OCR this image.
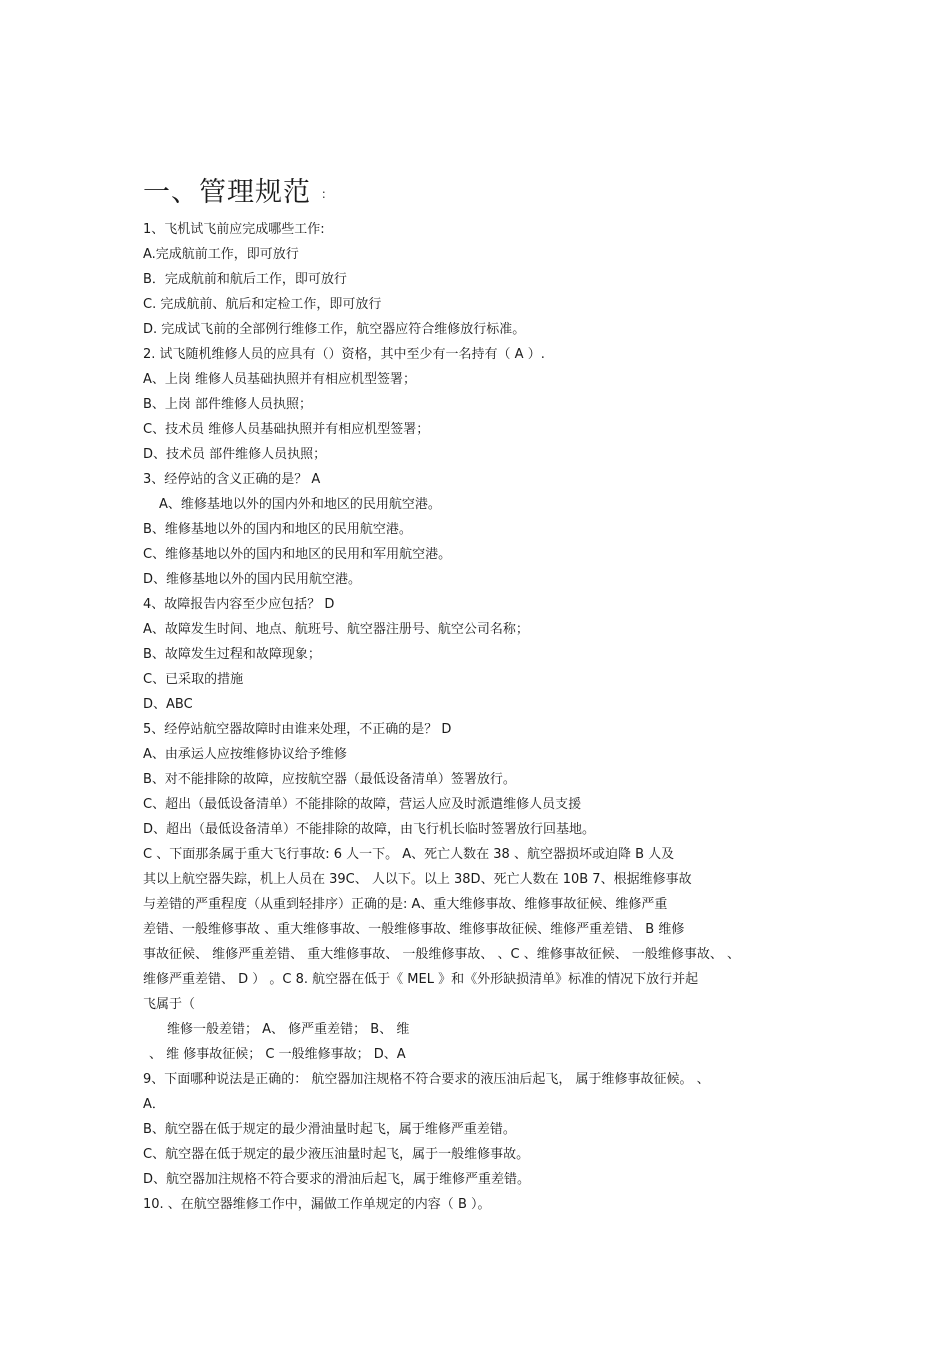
一、管理规范 ：
1、飞机试飞前应完成哪些工作:
A.完成航前工作，即可放行
B．完成航前和航后工作，即可放行
C. 完成航前、航后和定检工作，即可放行
D. 完成试飞前的全部例行维修工作，航空器应符合维修放行标准。
2. 试飞随机维修人员的应具有（）资格，其中至少有一名持有（ A ）.
A、上岗 维修人员基础执照并有相应机型签署；
B、上岗 部件维修人员执照；
C、技术员 维修人员基础执照并有相应机型签署；
D、技术员 部件维修人员执照；
3、经停站的含义正确的是？ A
A、维修基地以外的国内外和地区的民用航空港。
B、维修基地以外的国内和地区的民用航空港。
C、维修基地以外的国内和地区的民用和军用航空港。
D、维修基地以外的国内民用航空港。
4、故障报告内容至少应包括？ D
A、故障发生时间、地点、航班号、航空器注册号、航空公司名称；
B、故障发生过程和故障现象；
C、已采取的措施
D、ABC
5、经停站航空器故障时由谁来处理，不正确的是？ D
A、由承运人应按维修协议给予维修
B、对不能排除的故障，应按航空器（最低设备清单）签署放行。
C、超出（最低设备清单）不能排除的故障，营运人应及时派遣维修人员支援
D、超出（最低设备清单）不能排除的故障，由飞行机长临时签署放行回基地。
C 、下面那条属于重大飞行事故: 6 人一下。 A、死亡人数在 38 、航空器损坏或迫降 B 人及
其以上航空器失踪，机上人员在 39C、 人以下。以上 38D、死亡人数在 10B 7、根据维修事故
与差错的严重程度（从重到轻排序）正确的是: A、重大维修事故、维修事故征候、维修严重
差错、一般维修事故 、重大维修事故、一般维修事故、维修事故征候、维修严重差错、 B 维修
事故征候、 维修严重差错、 重大维修事故、 一般维修事故、 、C 、维修事故征候、 一般维修事故、 、
维修严重差错、 D ） 。C 8. 航空器在低于《 MEL 》和《外形缺损清单》标准的情况下放行并起
飞属于（
维修一般差错； A、 修严重差错； B、 维
、 维 修事故征候； C 一般维修事故； D、A
9、下面哪种说法是正确的： 航空器加注规格不符合要求的液压油后起飞， 属于维修事故征候。 、
A．
B、航空器在低于规定的最少滑油量时起飞，属于维修严重差错。
C、航空器在低于规定的最少液压油量时起飞，属于一般维修事故。
D、航空器加注规格不符合要求的滑油后起飞，属于维修严重差错。
10. 、在航空器维修工作中，漏做工作单规定的内容（ B ）。
